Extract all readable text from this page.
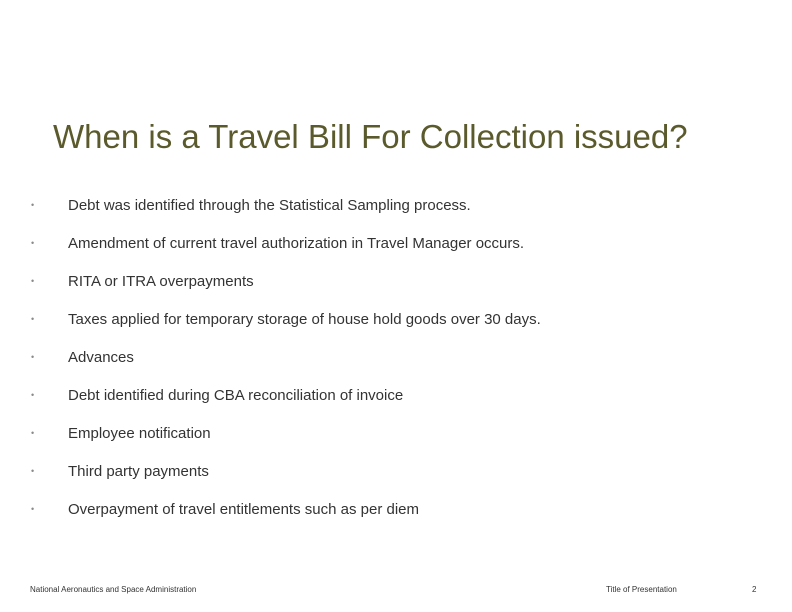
When is a Travel Bill For Collection issued?
•	Debt was identified through the Statistical Sampling process.
•	Amendment of current travel authorization in Travel Manager occurs.
•	RITA or ITRA overpayments
•	Taxes applied for temporary storage of house hold goods over 30 days.
•	Advances
•	Debt identified during CBA reconciliation of invoice
•	Employee notification
•	Third party payments
•	Overpayment of travel entitlements such as per diem
National Aeronautics and Space Administration	Title of Presentation	2
